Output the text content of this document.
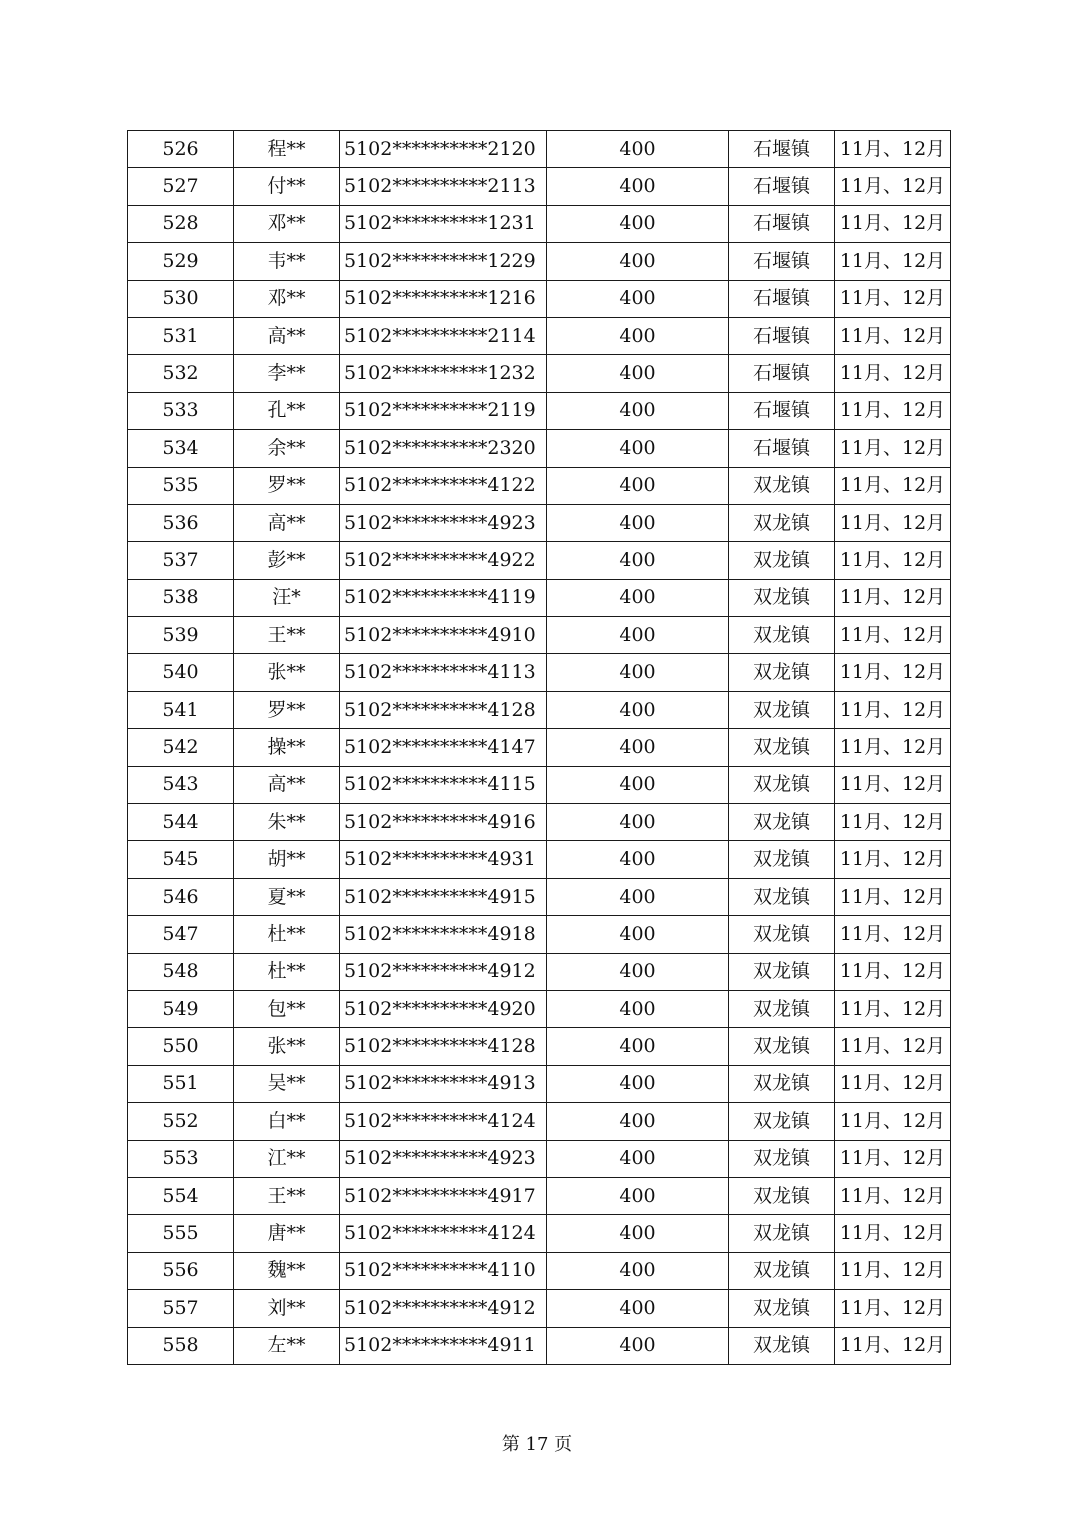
526	程**	5102**********2120	400	石堰镇	11月、12月
527	付**	5102**********2113	400	石堰镇	11月、12月
528	邓**	5102**********1231	400	石堰镇	11月、12月
529	韦**	5102**********1229	400	石堰镇	11月、12月
530	邓**	5102**********1216	400	石堰镇	11月、12月
531	高**	5102**********2114	400	石堰镇	11月、12月
532	李**	5102**********1232	400	石堰镇	11月、12月
533	孔**	5102**********2119	400	石堰镇	11月、12月
534	余**	5102**********2320	400	石堰镇	11月、12月
535	罗**	5102**********4122	400	双龙镇	11月、12月
536	高**	5102**********4923	400	双龙镇	11月、12月
537	彭**	5102**********4922	400	双龙镇	11月、12月
538	汪*	5102**********4119	400	双龙镇	11月、12月
539	王**	5102**********4910	400	双龙镇	11月、12月
540	张**	5102**********4113	400	双龙镇	11月、12月
541	罗**	5102**********4128	400	双龙镇	11月、12月
542	操**	5102**********4147	400	双龙镇	11月、12月
543	高**	5102**********4115	400	双龙镇	11月、12月
544	朱**	5102**********4916	400	双龙镇	11月、12月
545	胡**	5102**********4931	400	双龙镇	11月、12月
546	夏**	5102**********4915	400	双龙镇	11月、12月
547	杜**	5102**********4918	400	双龙镇	11月、12月
548	杜**	5102**********4912	400	双龙镇	11月、12月
549	包**	5102**********4920	400	双龙镇	11月、12月
550	张**	5102**********4128	400	双龙镇	11月、12月
551	吴**	5102**********4913	400	双龙镇	11月、12月
552	白**	5102**********4124	400	双龙镇	11月、12月
553	江**	5102**********4923	400	双龙镇	11月、12月
554	王**	5102**********4917	400	双龙镇	11月、12月
555	唐**	5102**********4124	400	双龙镇	11月、12月
556	魏**	5102**********4110	400	双龙镇	11月、12月
557	刘**	5102**********4912	400	双龙镇	11月、12月
558	左**	5102**********4911	400	双龙镇	11月、12月
第 17 页
